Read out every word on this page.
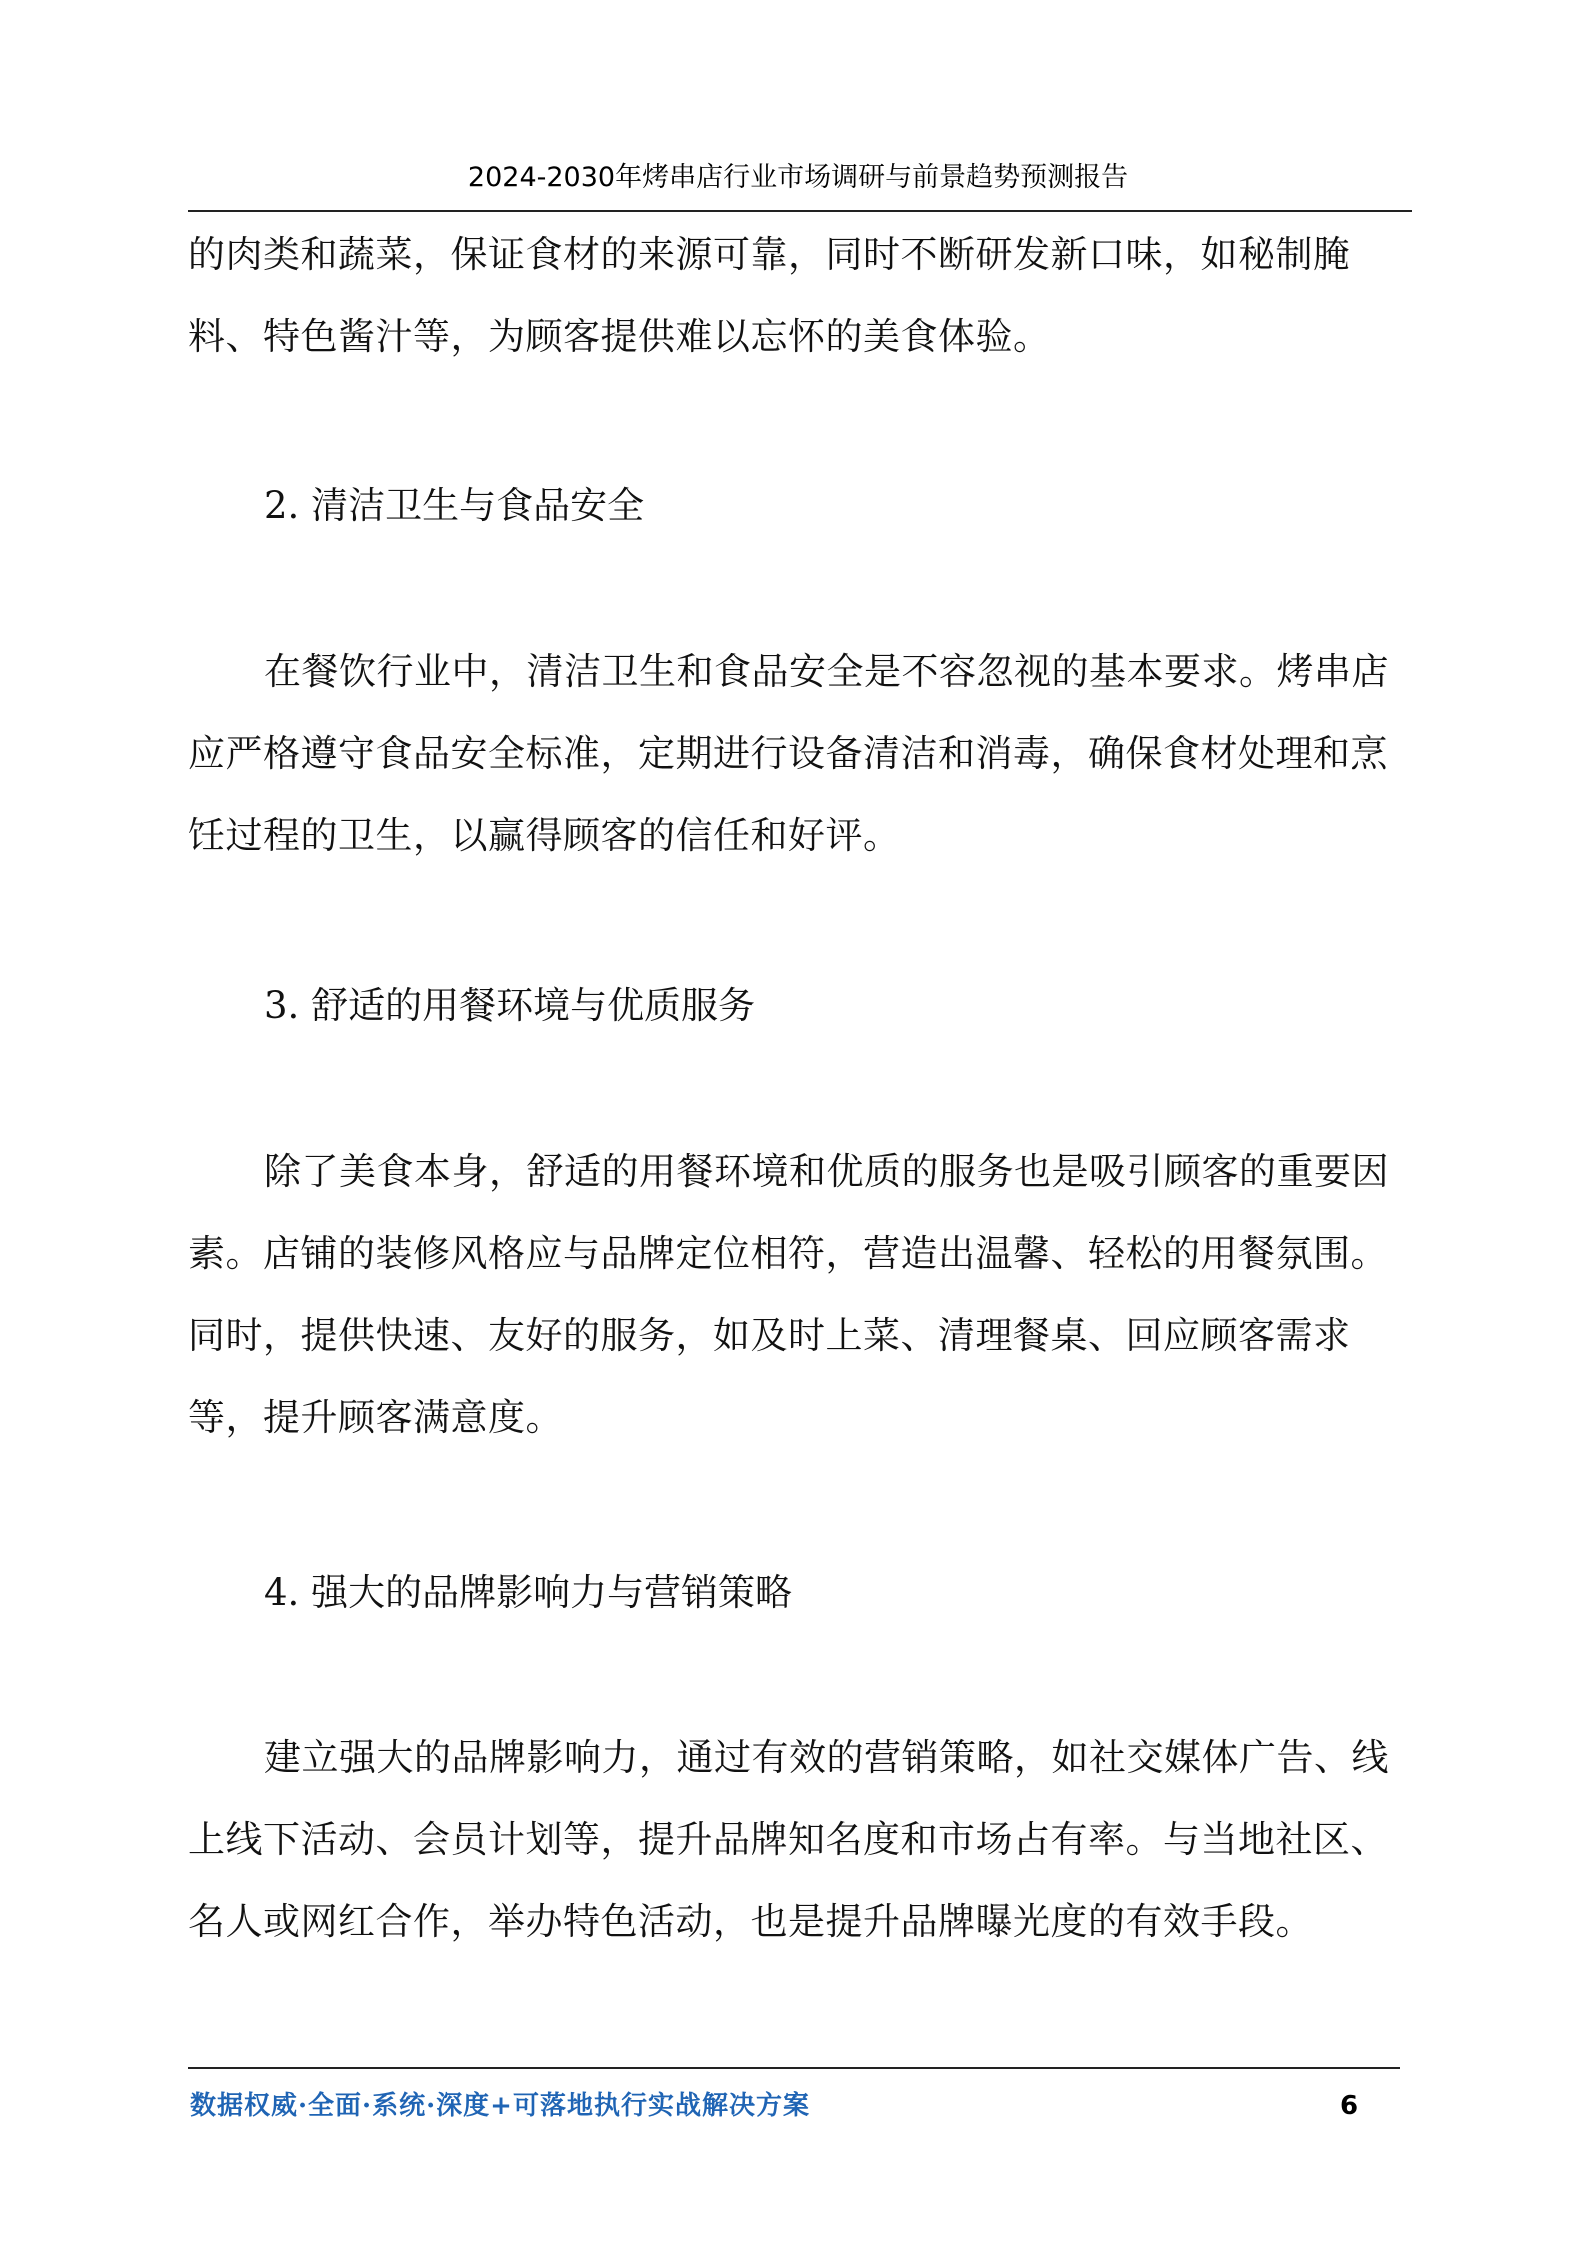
2024-2030年烤串店行业市场调研与前景趋势预测报告

的肉类和蔬菜，保证食材的来源可靠，同时不断研发新口味，如秘制腌料、特色酱汁等，为顾客提供难以忘怀的美食体验。

2. 清洁卫生与食品安全

在餐饮行业中，清洁卫生和食品安全是不容忽视的基本要求。烤串店应严格遵守食品安全标准，定期进行设备清洁和消毒，确保食材处理和烹饪过程的卫生，以赢得顾客的信任和好评。

3. 舒适的用餐环境与优质服务

除了美食本身，舒适的用餐环境和优质的服务也是吸引顾客的重要因素。店铺的装修风格应与品牌定位相符，营造出温馨、轻松的用餐氛围。同时，提供快速、友好的服务，如及时上菜、清理餐桌、回应顾客需求等，提升顾客满意度。

4. 强大的品牌影响力与营销策略

建立强大的品牌影响力，通过有效的营销策略，如社交媒体广告、线上线下活动、会员计划等，提升品牌知名度和市场占有率。与当地社区、名人或网红合作，举办特色活动，也是提升品牌曝光度的有效手段。

数据权威·全面·系统·深度+可落地执行实战解决方案	6
